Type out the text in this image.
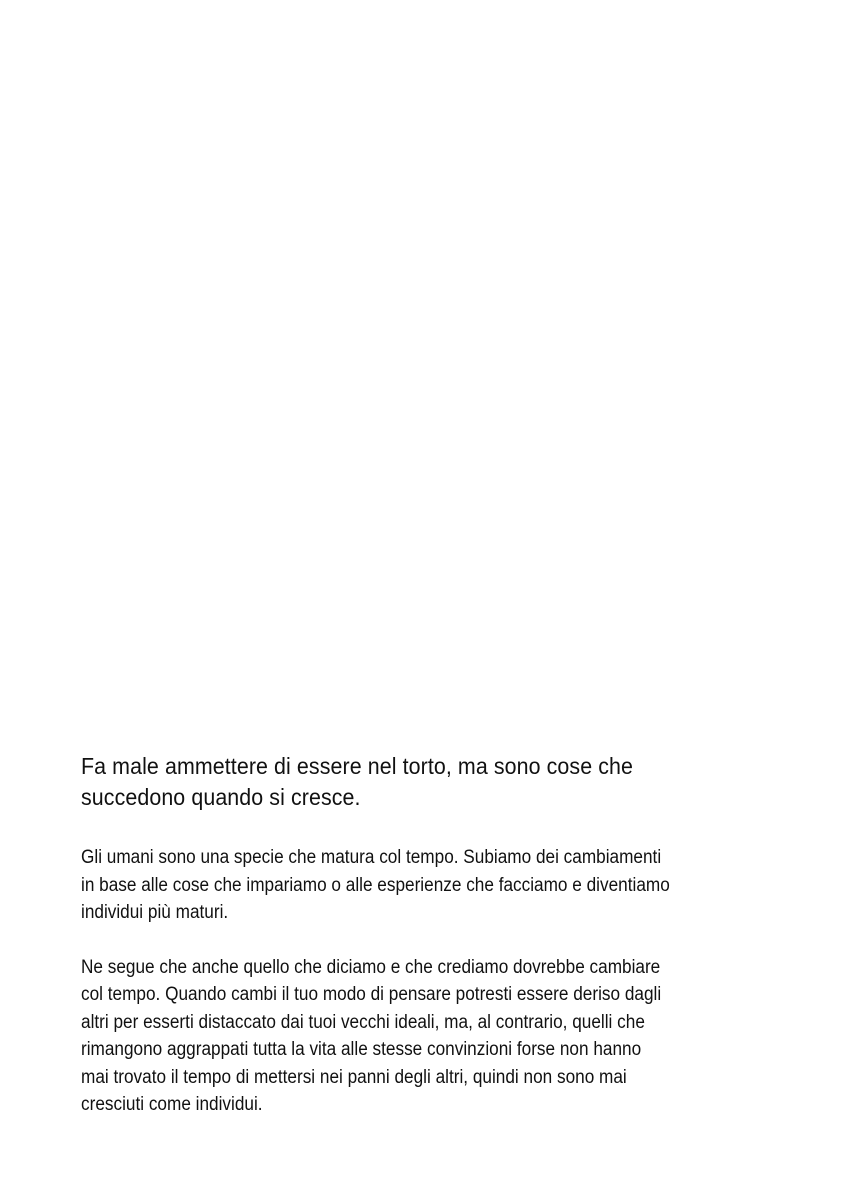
Fa male ammettere di essere nel torto, ma sono cose che
succedono quando si cresce.

Gli umani sono una specie che matura col tempo. Subiamo dei cambiamenti
in base alle cose che impariamo o alle esperienze che facciamo e diventiamo
individui più maturi.

Ne segue che anche quello che diciamo e che crediamo dovrebbe cambiare
col tempo. Quando cambi il tuo modo di pensare potresti essere deriso dagli
altri per esserti distaccato dai tuoi vecchi ideali, ma, al contrario, quelli che
rimangono aggrappati tutta la vita alle stesse convinzioni forse non hanno
mai trovato il tempo di mettersi nei panni degli altri, quindi non sono mai
cresciuti come individui.
